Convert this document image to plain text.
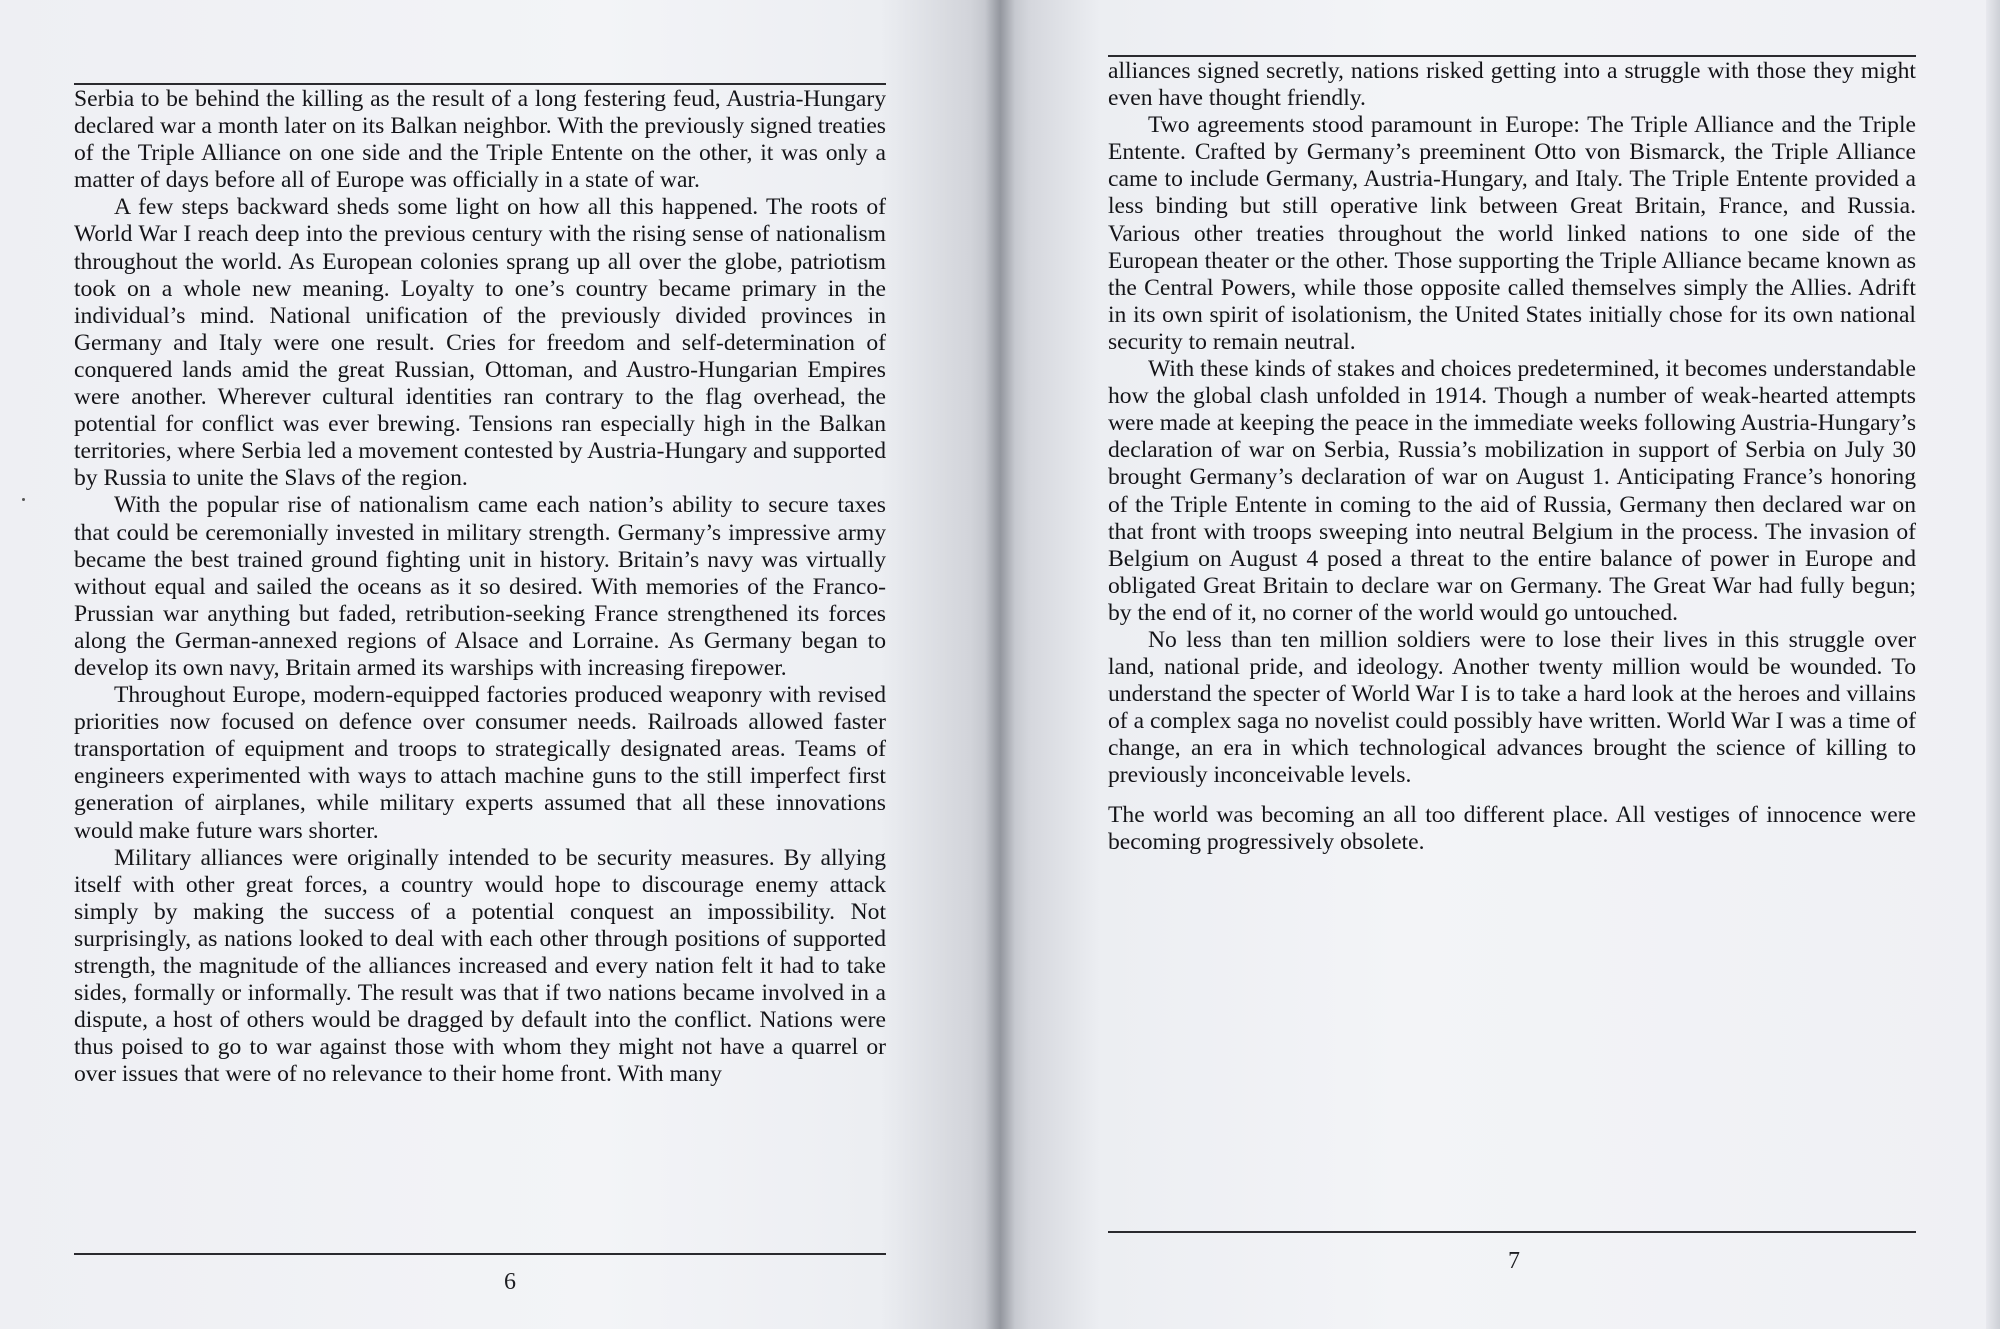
Serbia to be behind the killing as the result of a long festering feud, Austria-Hungary declared war a month later on its Balkan neighbor. With the previously signed treaties of the Triple Alliance on one side and the Triple Entente on the other, it was only a matter of days before all of Europe was officially in a state of war.

A few steps backward sheds some light on how all this happened. The roots of World War I reach deep into the previous century with the rising sense of nationalism throughout the world. As European colonies sprang up all over the globe, patriotism took on a whole new meaning. Loyalty to one’s country became primary in the individual’s mind. National unification of the previously divided provinces in Germany and Italy were one result. Cries for freedom and self-determination of conquered lands amid the great Russian, Ottoman, and Austro-Hungarian Empires were another. Wherever cultural identities ran contrary to the flag overhead, the potential for conflict was ever brewing. Tensions ran especially high in the Balkan territories, where Serbia led a movement contested by Austria-Hungary and supported by Russia to unite the Slavs of the region.

With the popular rise of nationalism came each nation’s ability to secure taxes that could be ceremonially invested in military strength. Germany’s impressive army became the best trained ground fighting unit in history. Britain’s navy was virtually without equal and sailed the oceans as it so desired. With memories of the Franco-Prussian war anything but faded, retribution-seeking France strengthened its forces along the German-annexed regions of Alsace and Lorraine. As Germany began to develop its own navy, Britain armed its warships with increasing firepower.

Throughout Europe, modern-equipped factories produced weaponry with revised priorities now focused on defence over consumer needs. Railroads allowed faster transportation of equipment and troops to strategically designated areas. Teams of engineers experimented with ways to attach machine guns to the still imperfect first generation of airplanes, while military experts assumed that all these innovations would make future wars shorter.

Military alliances were originally intended to be security measures. By allying itself with other great forces, a country would hope to discourage enemy attack simply by making the success of a potential conquest an impossibility. Not surprisingly, as nations looked to deal with each other through positions of supported strength, the magnitude of the alliances increased and every nation felt it had to take sides, formally or informally. The result was that if two nations became involved in a dispute, a host of others would be dragged by default into the conflict. Nations were thus poised to go to war against those with whom they might not have a quarrel or over issues that were of no relevance to their home front. With many

6

alliances signed secretly, nations risked getting into a struggle with those they might even have thought friendly.

Two agreements stood paramount in Europe: The Triple Alliance and the Triple Entente. Crafted by Germany’s preeminent Otto von Bismarck, the Triple Alliance came to include Germany, Austria-Hungary, and Italy. The Triple Entente provided a less binding but still operative link between Great Britain, France, and Russia. Various other treaties throughout the world linked nations to one side of the European theater or the other. Those supporting the Triple Alliance became known as the Central Powers, while those opposite called themselves simply the Allies. Adrift in its own spirit of isolationism, the United States initially chose for its own national security to remain neutral.

With these kinds of stakes and choices predetermined, it becomes understandable how the global clash unfolded in 1914. Though a number of weak-hearted attempts were made at keeping the peace in the immediate weeks following Austria-Hungary’s declaration of war on Serbia, Russia’s mobilization in support of Serbia on July 30 brought Germany’s declaration of war on August 1. Anticipating France’s honoring of the Triple Entente in coming to the aid of Russia, Germany then declared war on that front with troops sweeping into neutral Belgium in the process. The invasion of Belgium on August 4 posed a threat to the entire balance of power in Europe and obligated Great Britain to declare war on Germany. The Great War had fully begun; by the end of it, no corner of the world would go untouched.

No less than ten million soldiers were to lose their lives in this struggle over land, national pride, and ideology. Another twenty million would be wounded. To understand the specter of World War I is to take a hard look at the heroes and villains of a complex saga no novelist could possibly have written. World War I was a time of change, an era in which technological advances brought the science of killing to previously inconceivable levels.

The world was becoming an all too different place. All vestiges of innocence were becoming progressively obsolete.

7
